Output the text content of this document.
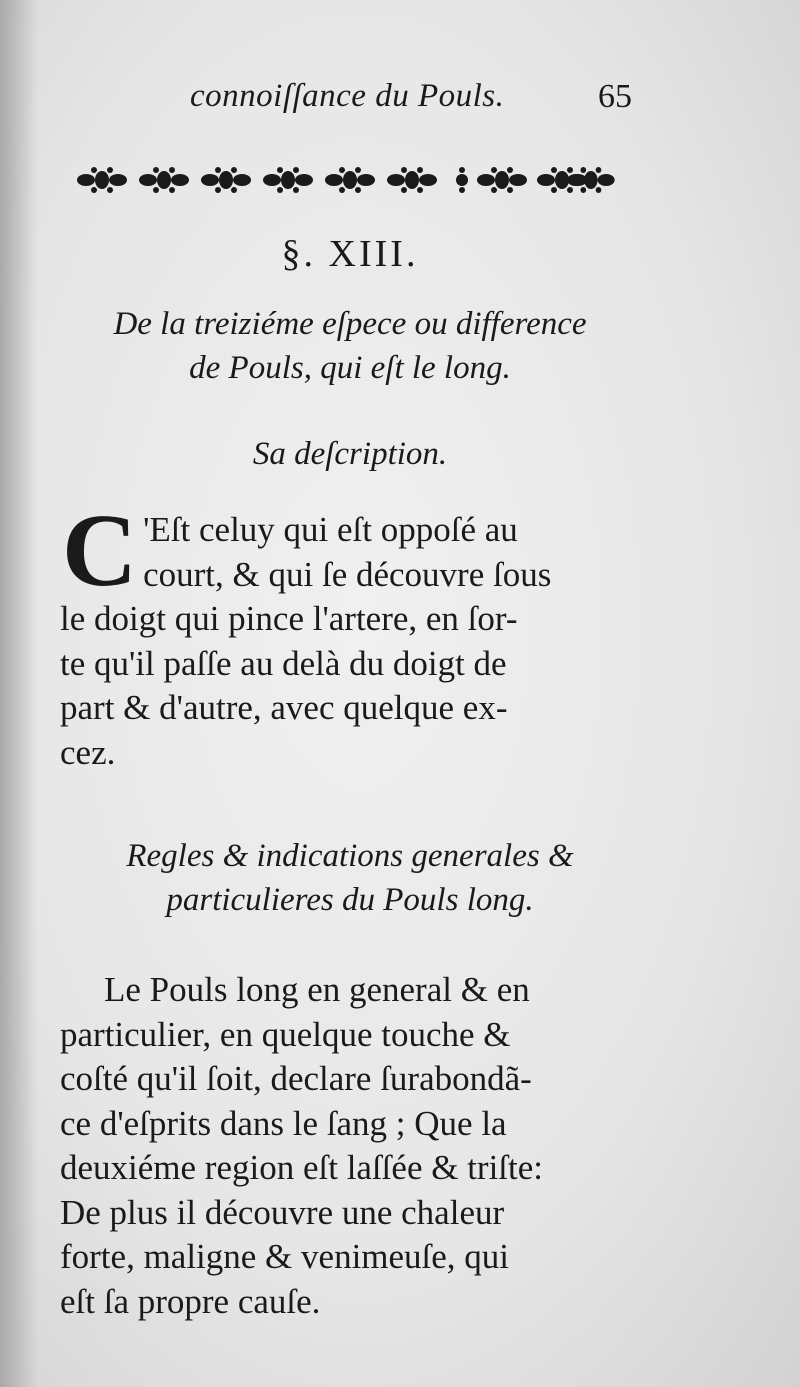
connoiſſance du Pouls.	65
§. XIII.
De la treiziéme eſpece ou difference
de Pouls, qui eſt le long.
Sa deſcription.
C 'Eſt celuy qui eſt oppoſé au
court, & qui ſe découvre ſous
le doigt qui pince l'artere, en ſor-
te qu'il paſſe au delà du doigt de
part & d'autre, avec quelque ex-
cez.
Regles & indications generales &
particulieres du Pouls long.
Le Pouls long en general & en
particulier, en quelque touche &
coſté qu'il ſoit, declare ſurabondã-
ce d'eſprits dans le ſang ; Que la
deuxiéme region eſt laſſée & triſte:
De plus il découvre une chaleur
forte, maligne & venimeuſe, qui
eſt ſa propre cauſe.
